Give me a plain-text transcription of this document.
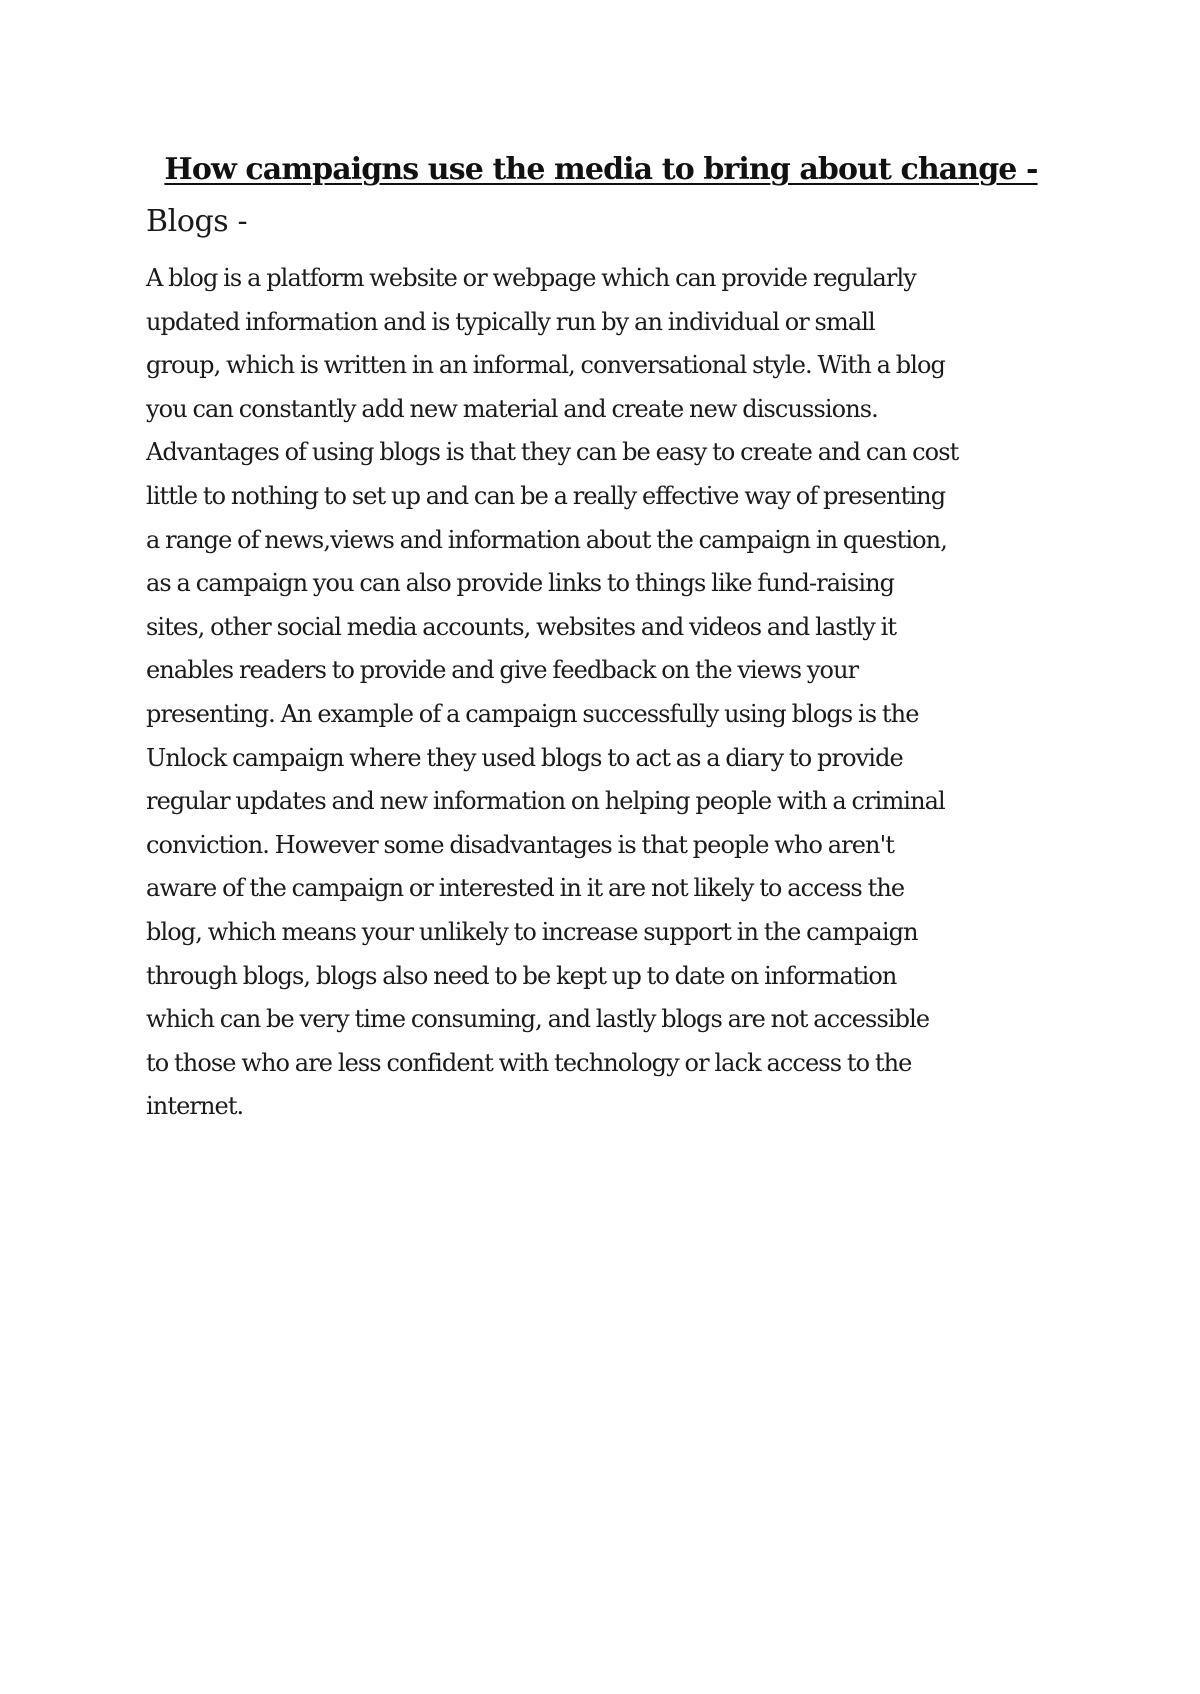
How campaigns use the media to bring about change -
Blogs -

A blog is a platform website or webpage which can provide regularly
updated information and is typically run by an individual or small
group, which is written in an informal, conversational style. With a blog
you can constantly add new material and create new discussions.
Advantages of using blogs is that they can be easy to create and can cost
little to nothing to set up and can be a really effective way of presenting
a range of news,views and information about the campaign in question,
as a campaign you can also provide links to things like fund-raising
sites, other social media accounts, websites and videos and lastly it
enables readers to provide and give feedback on the views your
presenting. An example of a campaign successfully using blogs is the
Unlock campaign where they used blogs to act as a diary to provide
regular updates and new information on helping people with a criminal
conviction. However some disadvantages is that people who aren't
aware of the campaign or interested in it are not likely to access the
blog, which means your unlikely to increase support in the campaign
through blogs, blogs also need to be kept up to date on information
which can be very time consuming, and lastly blogs are not accessible
to those who are less confident with technology or lack access to the
internet.
